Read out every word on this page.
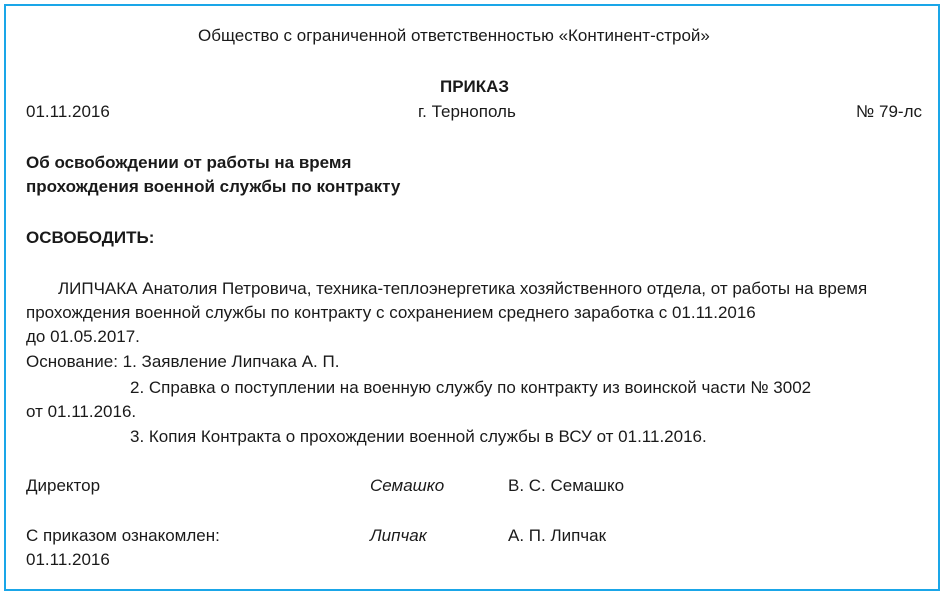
Общество с ограниченной ответственностью «Континент-строй»
ПРИКАЗ
01.11.2016	г. Тернополь	№ 79-лс
Об освобождении от работы на время
прохождения военной службы по контракту
ОСВОБОДИТЬ:
ЛИПЧАКА Анатолия Петровича, техника-теплоэнергетика хозяйственного отдела, от работы на время
прохождения военной службы по контракту с сохранением среднего заработка с 01.11.2016
до 01.05.2017.
Основание: 1. Заявление Липчака А. П.
2. Справка о поступлении на военную службу по контракту из воинской части № 3002
от 01.11.2016.
3. Копия Контракта о прохождении военной службы в ВСУ от 01.11.2016.
Директор	Семашко	В. С. Семашко
С приказом ознакомлен:	Липчак	А. П. Липчак
01.11.2016
